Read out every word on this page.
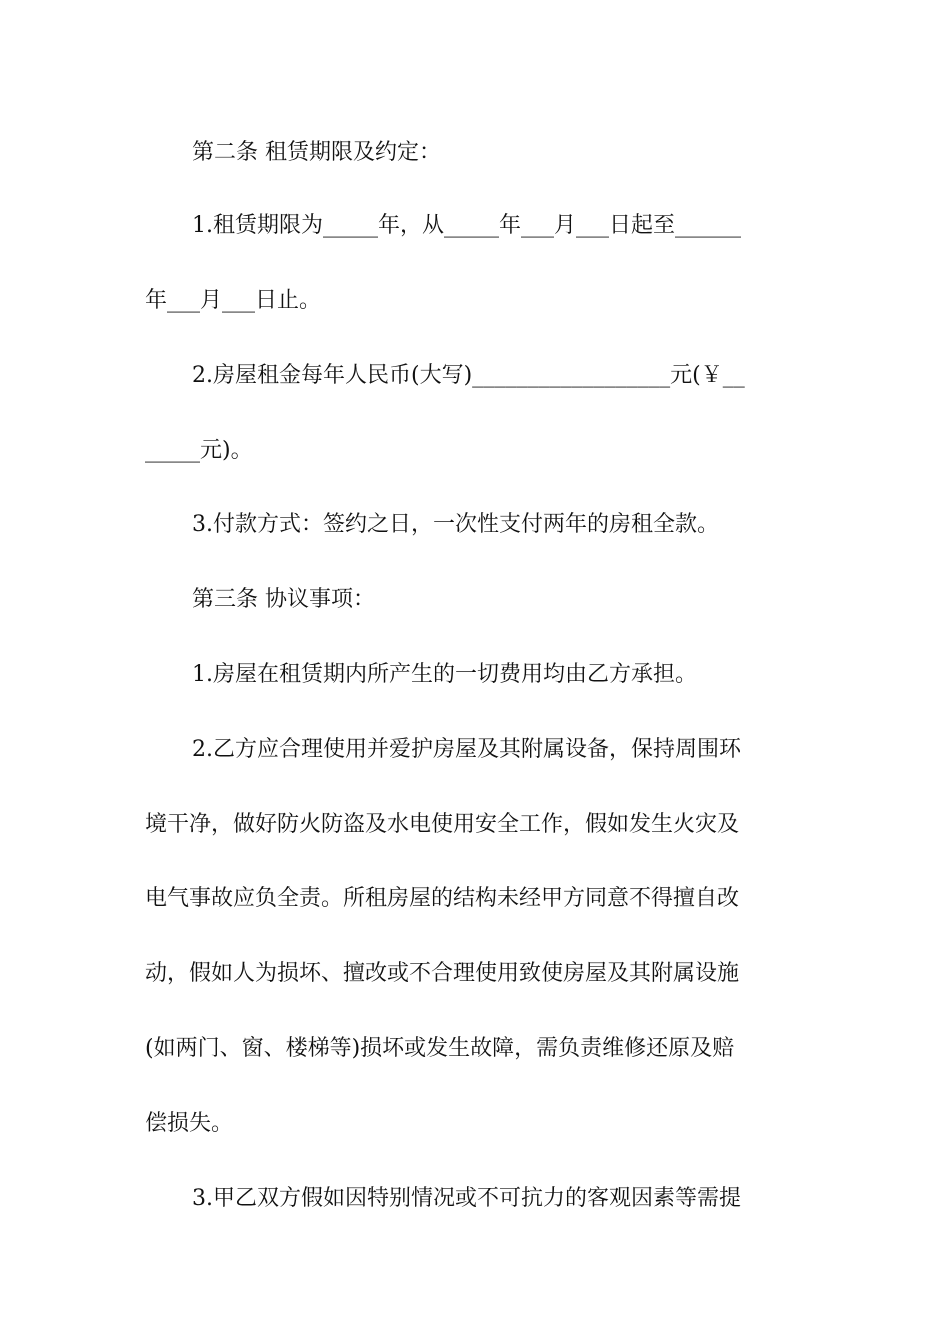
第二条 租赁期限及约定：
1.租赁期限为_____年，从_____年___月___日起至______
年___月___日止。
2.房屋租金每年人民币(大写)__________________元(￥__
_____元)。
3.付款方式：签约之日，一次性支付两年的房租全款。
第三条 协议事项：
1.房屋在租赁期内所产生的一切费用均由乙方承担。
2.乙方应合理使用并爱护房屋及其附属设备，保持周围环
境干净，做好防火防盗及水电使用安全工作，假如发生火灾及
电气事故应负全责。所租房屋的结构未经甲方同意不得擅自改
动，假如人为损坏、擅改或不合理使用致使房屋及其附属设施
(如两门、窗、楼梯等)损坏或发生故障，需负责维修还原及赔
偿损失。
3.甲乙双方假如因特别情况或不可抗力的客观因素等需提
